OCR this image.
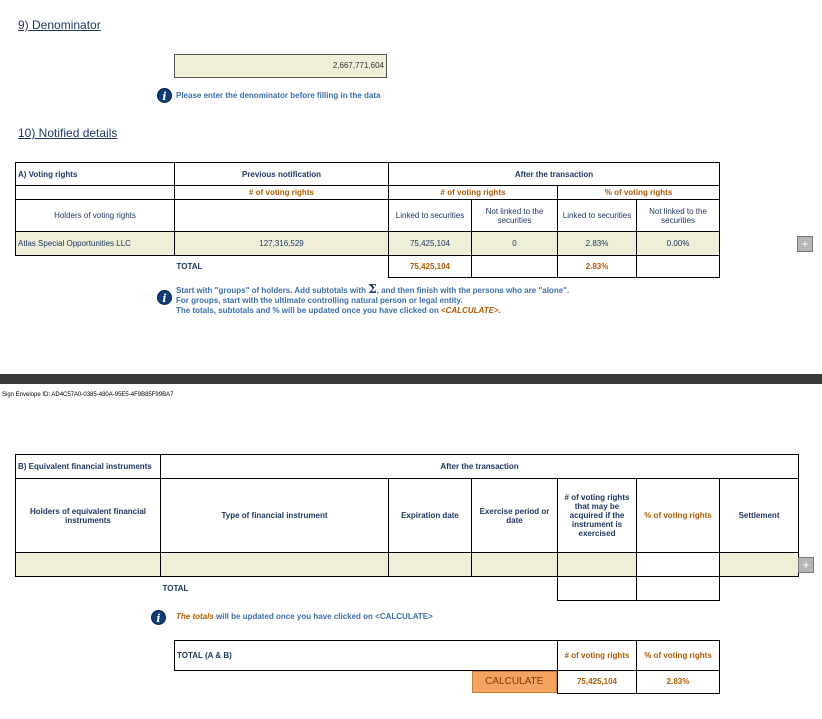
9) Denominator
2,667,771,604
i	Please enter the denominator before filling in the data
10) Notified details
A) Voting rights	Previous notification	After the transaction			
	# of voting rights	# of voting rights		% of voting rights	
Holders of voting rights		Linked to securities	Not linked to the securities	Linked to securities	Not linked to the securities
Atlas Special Opportunities LLC	127,316,529	75,425,104	0	2.83%	0.00%
	TOTAL	75,425,104		2.83%	
+
i
Start with "groups" of holders. Add subtotals with Σ, and then finish with the persons who are "alone".
For groups, start with the ultimate controlling natural person or legal entity.
The totals, subtotals and % will be updated once you have clicked on <CALCULATE>.
Sign Envelope ID: AD4C57A0-0385-480A-95E5-4F9B85F99BA7
B) Equivalent financial instruments	After the transaction					
Holders of equivalent financial instruments	Type of financial instrument	Expiration date	Exercise period or date	# of voting rights that may be acquired if the instrument is exercised	% of voting rights	Settlement

	TOTAL					
+
i	The totals will be updated once you have clicked on <CALCULATE>
TOTAL (A & B)		# of voting rights	% of voting rights

	CALCULATE	75,425,104	2.83%
